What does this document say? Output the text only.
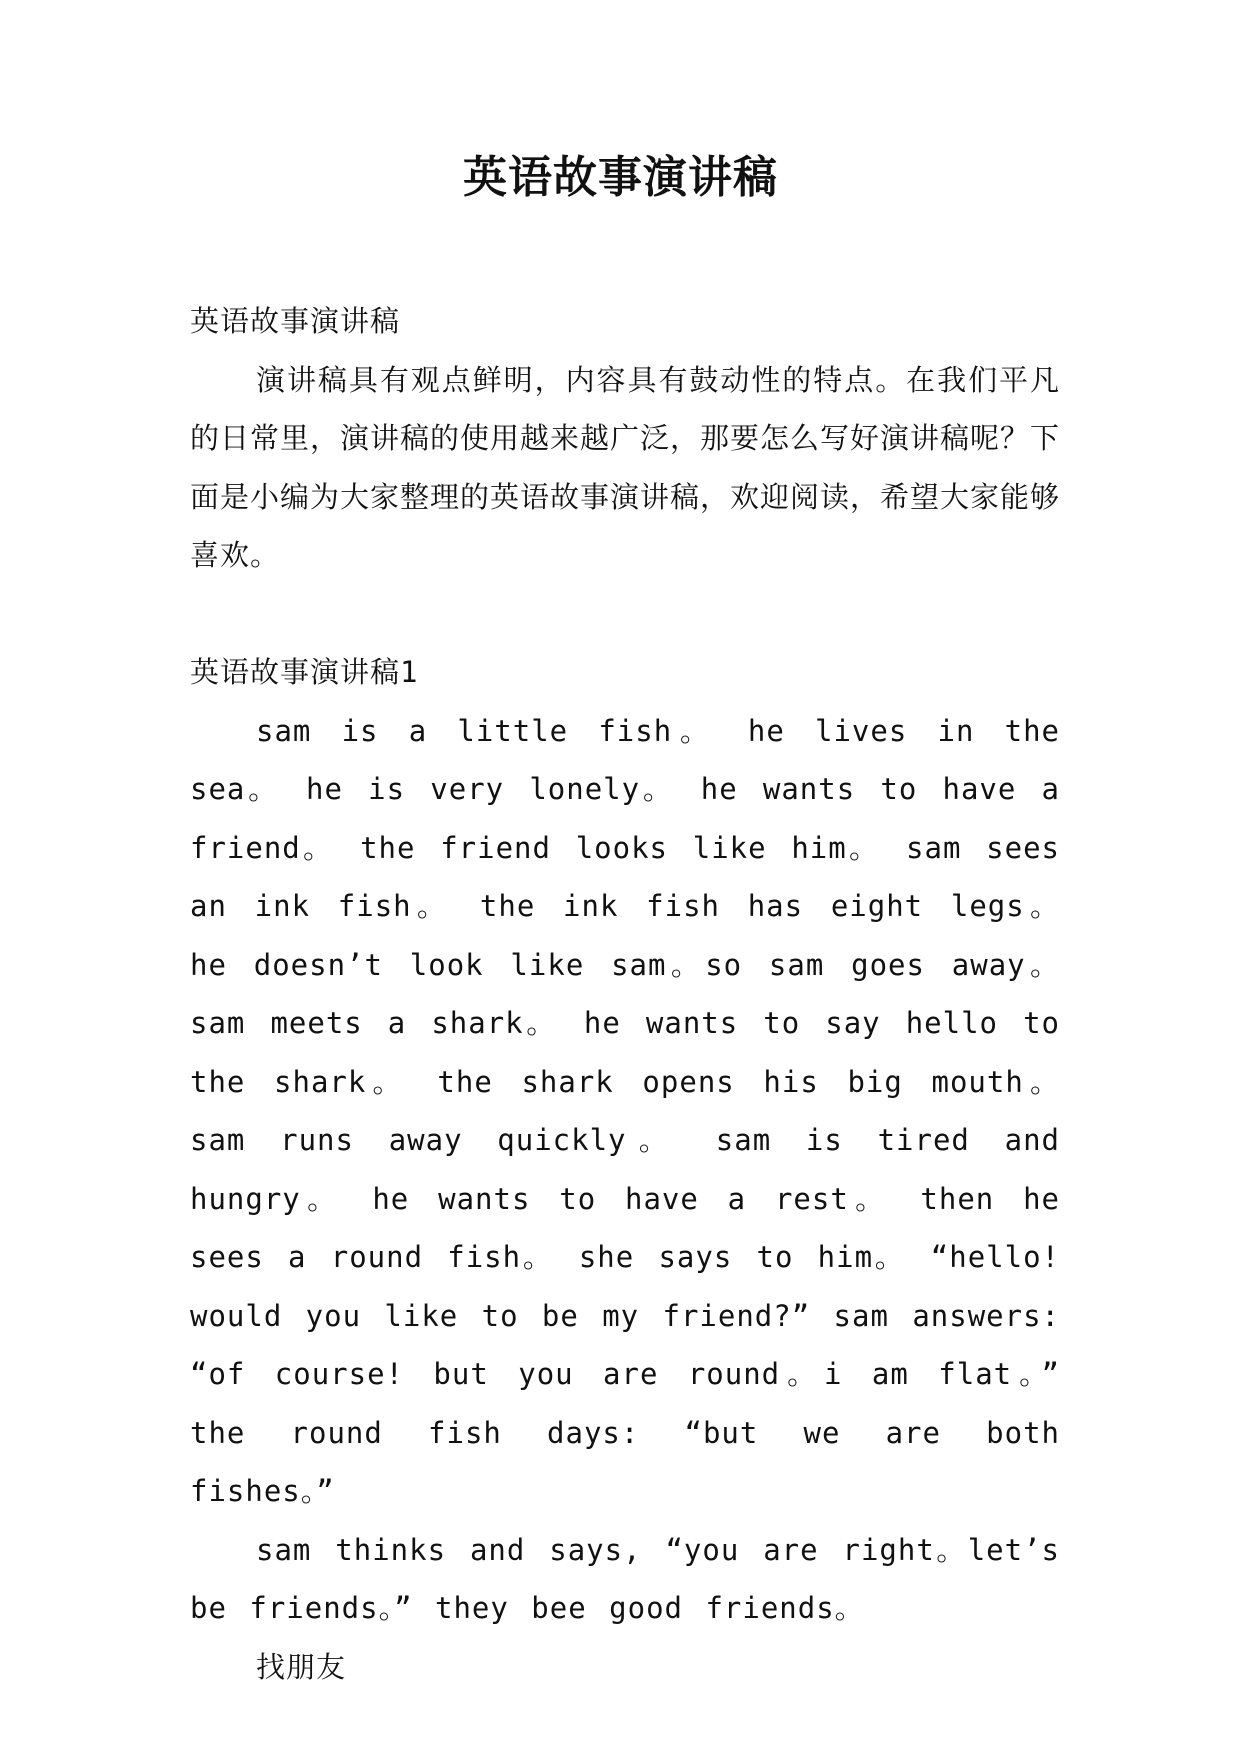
英语故事演讲稿

英语故事演讲稿

演讲稿具有观点鲜明，内容具有鼓动性的特点。在我们平凡的日常里，演讲稿的使用越来越广泛，那要怎么写好演讲稿呢？下面是小编为大家整理的英语故事演讲稿，欢迎阅读，希望大家能够喜欢。

英语故事演讲稿1

sam is a little fish。 he lives in the sea。 he is very lonely。 he wants to have a friend。 the friend looks like him。 sam sees an ink fish。 the ink fish has eight legs。 he doesn’t look like sam。so sam goes away。 sam meets a shark。 he wants to say hello to the shark。 the shark opens his big mouth。 sam runs away quickly。 sam is tired and hungry。 he wants to have a rest。 then he sees a round fish。 she says to him。 “hello! would you like to be my friend?” sam answers: “of course! but you are round。i am flat。” the round fish days: “but we are both fishes。”

sam thinks and says, “you are right。let’s be friends。” they bee good friends。

找朋友
